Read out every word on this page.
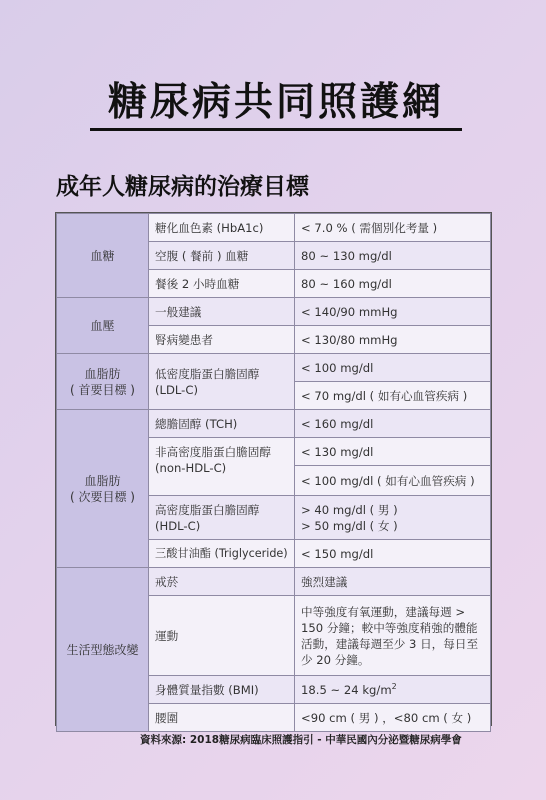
糖尿病共同照護網
成年人糖尿病的治療目標
血糖	糖化血色素 (HbA1c)	< 7.0 % ( 需個別化考量 )
	空腹 ( 餐前 ) 血糖	80 ~ 130 mg/dl
	餐後 2 小時血糖	80 ~ 160 mg/dl
血壓	一般建議	< 140/90 mmHg
	腎病變患者	< 130/80 mmHg

血脂肪
( 首要目標 )	低密度脂蛋白膽固醇 (LDL-C)	< 100 mg/dl
		< 70 mg/dl ( 如有心血管疾病 )

血脂肪
( 次要目標 )	總膽固醇 (TCH)	< 160 mg/dl
	非高密度脂蛋白膽固醇 (non-HDL-C)	< 130 mg/dl
		< 100 mg/dl ( 如有心血管疾病 )
	高密度脂蛋白膽固醇 (HDL-C)	> 40 mg/dl ( 男 )
> 50 mg/dl ( 女 )

	三酸甘油酯 (Triglyceride)	< 150 mg/dl
生活型態改變	戒菸	強烈建議
	運動	中等強度有氧運動，建議每週 > 150 分鐘；較中等強度稍強的體能活動，建議每週至少 3 日，每日至少 20 分鐘。
	身體質量指數 (BMI)	18.5 ~ 24 $kg/m^2$
	腰圍	<90 cm ( 男 ) ，<80 cm ( 女 )
資料來源: 2018糖尿病臨床照護指引 - 中華民國內分泌暨糖尿病學會
